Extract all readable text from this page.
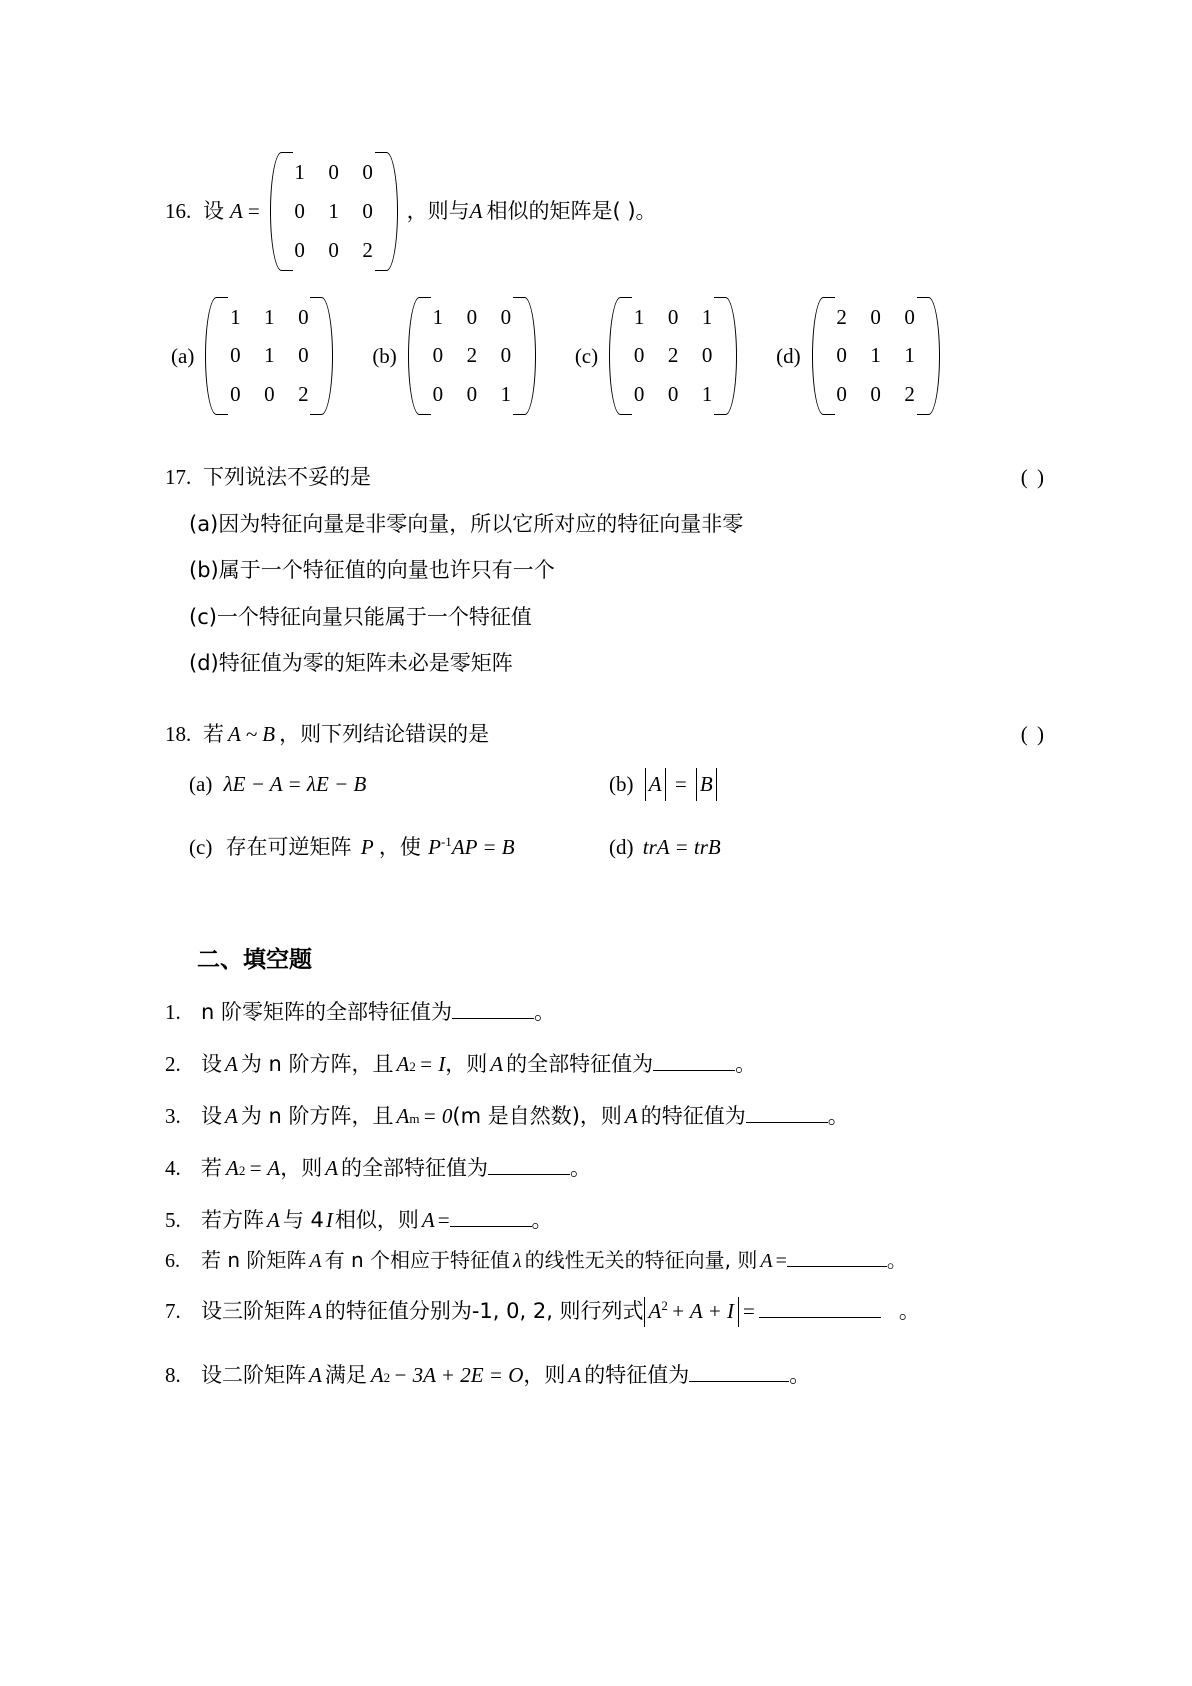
16. 设 A =
1	0	0
0	1	0
0	0	2
，则与 A 相似的矩阵是( )。
(a)
1	1	0
0	1	0
0	0	2
(b)
1	0	0
0	2	0
0	0	1
(c)
1	0	1
0	2	0
0	0	1
(d)
2	0	0
0	1	1
0	0	2
17. 下列说法不妥的是	( )
(a)因为特征向量是非零向量，所以它所对应的特征向量非零
(b)属于一个特征值的向量也许只有一个
(c)一个特征向量只能属于一个特征值
(d)特征值为零的矩阵未必是零矩阵
18. 若 A ~ B ，则下列结论错误的是	( )
(a) λE − A = λE − B	(b) A = B
(c) 存在可逆矩阵 P ，使 $P^{-1}AP = B$	(d) trA = trB
二、填空题
1. n 阶零矩阵的全部特征值为	。
2. 设 A 为 n 阶方阵，且 A 2 = I ，则 A 的全部特征值为	。
3. 设 A 为 n 阶方阵，且 A m = 0 (m 是自然数)，则 A 的特征值为	。
4. 若 A 2 = A ，则 A 的全部特征值为	。
5. 若方阵 A 与 4 I 相似，则 A =	。
6.	若 n 阶矩阵 A 有 n 个相应于特征值 λ 的线性无关的特征向量, 则 A =	。
7. 设三阶矩阵 A 的特征值分别为-1, 0, 2, 则行列式 $A^2 + A + I$ =	。
8. 设二阶矩阵 A 满足 A 2 − 3A + 2E = O ，则 A 的特征值为	。
